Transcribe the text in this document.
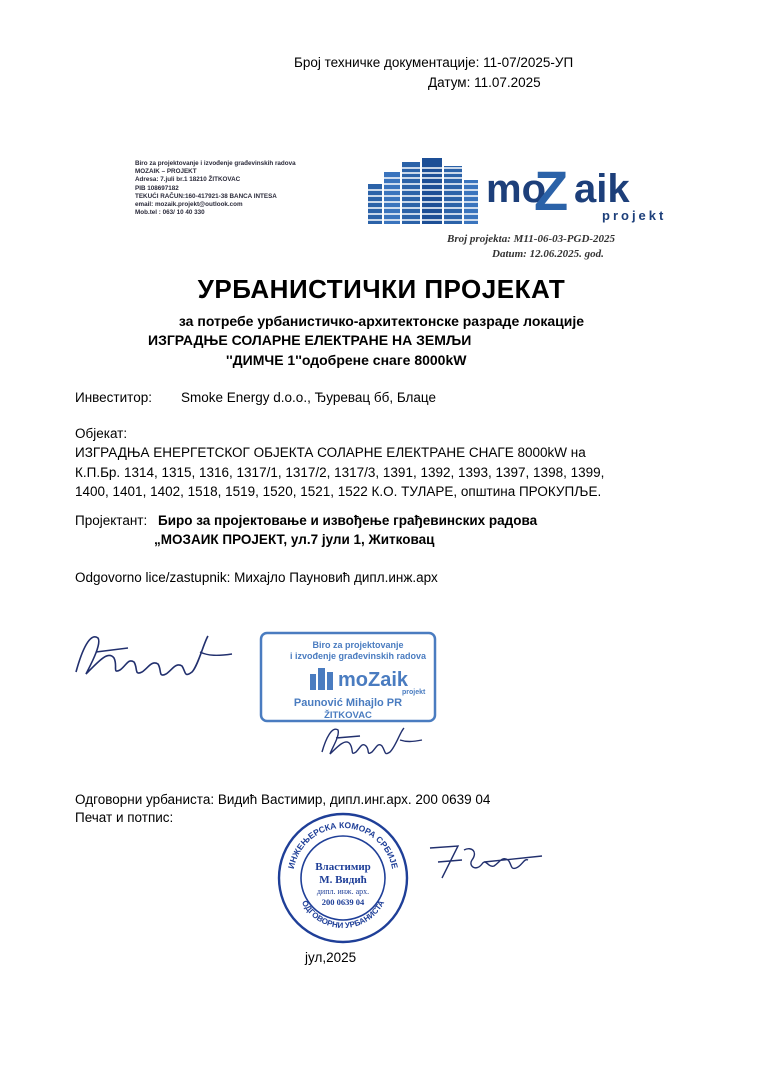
Број техничке документације: 11-07/2025-УП
Датум: 11.07.2025
Biro za projektovanje i izvođenje građevinskih radova
MOZAIK – PROJEKT
Adresa: 7.juli br.1 18210 ŽITKOVAC
PIB 108697182
TEKUĆI RAČUN:160-417921-38 BANCA INTESA
email: mozaik.projekt@outlook.com
Mob.tel : 063/ 10 40 330
mo
Z aik
projekt
Broj projekta: M11-06-03-PGD-2025
Datum: 12.06.2025. god.
УРБАНИСТИЧКИ ПРОЈЕКАТ
за потребе урбанистичко-архитектонске разраде локације
ИЗГРАДЊЕ СОЛАРНЕ ЕЛЕКТРАНЕ НА ЗЕМЉИ
''ДИМЧЕ 1''одобрене снаге 8000kW
Инвеститор: Smoke Energy d.o.o., Ђуревац бб, Блаце
Објекат:
ИЗГРАДЊА ЕНЕРГЕТСКОГ ОБЈЕКТА СОЛАРНЕ ЕЛЕКТРАНЕ СНАГЕ 8000kW на
К.П.Бр. 1314, 1315, 1316, 1317/1, 1317/2, 1317/3, 1391, 1392, 1393, 1397, 1398, 1399,
1400, 1401, 1402, 1518, 1519, 1520, 1521, 1522 К.О. ТУЛАРЕ, општина ПРОКУПЉЕ.
Пројектант: Биро за пројектовање и извођење грађевинских радова
„МОЗАИК ПРОЈЕКТ, ул.7 јули 1, Житковац
Odgovorno lice/zastupnik: Михајло Пауновић дипл.инж.арх
Biro za projektovanje
i izvođenje građevinskih radova
moZaik
projekt
Paunović Mihajlo PR
ŽITKOVAC
Одговорни урбаниста: Видић Вастимир, дипл.инг.арх. 200 0639 04
Печат и потпис:
ИНЖЕЊЕРСКА КОМОРА СРБИЈЕ
ОДГОВОРНИ УРБАНИСТА
Властимир
М. Видић
дипл. инж. арх.
200 0639 04
јул,2025
